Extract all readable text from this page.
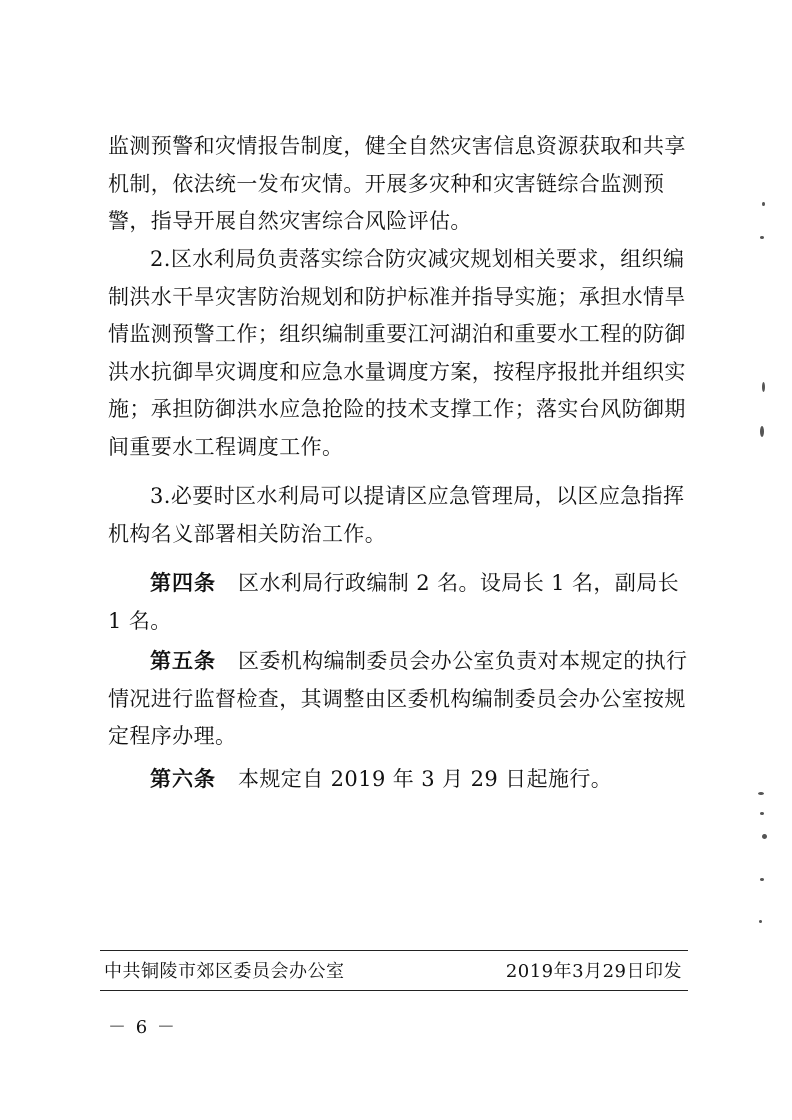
监测预警和灾情报告制度，健全自然灾害信息资源获取和共享机制，依法统一发布灾情。开展多灾种和灾害链综合监测预警，指导开展自然灾害综合风险评估。

2.区水利局负责落实综合防灾减灾规划相关要求，组织编制洪水干旱灾害防治规划和防护标准并指导实施；承担水情旱情监测预警工作；组织编制重要江河湖泊和重要水工程的防御洪水抗御旱灾调度和应急水量调度方案，按程序报批并组织实施；承担防御洪水应急抢险的技术支撑工作；落实台风防御期间重要水工程调度工作。

3.必要时区水利局可以提请区应急管理局，以区应急指挥机构名义部署相关防治工作。

第四条 区水利局行政编制 2 名。设局长 1 名，副局长 1 名。

第五条 区委机构编制委员会办公室负责对本规定的执行情况进行监督检查，其调整由区委机构编制委员会办公室按规定程序办理。

第六条 本规定自 2019 年 3 月 29 日起施行。

中共铜陵市郊区委员会办公室	2019年3月29日印发
－ 6 －
